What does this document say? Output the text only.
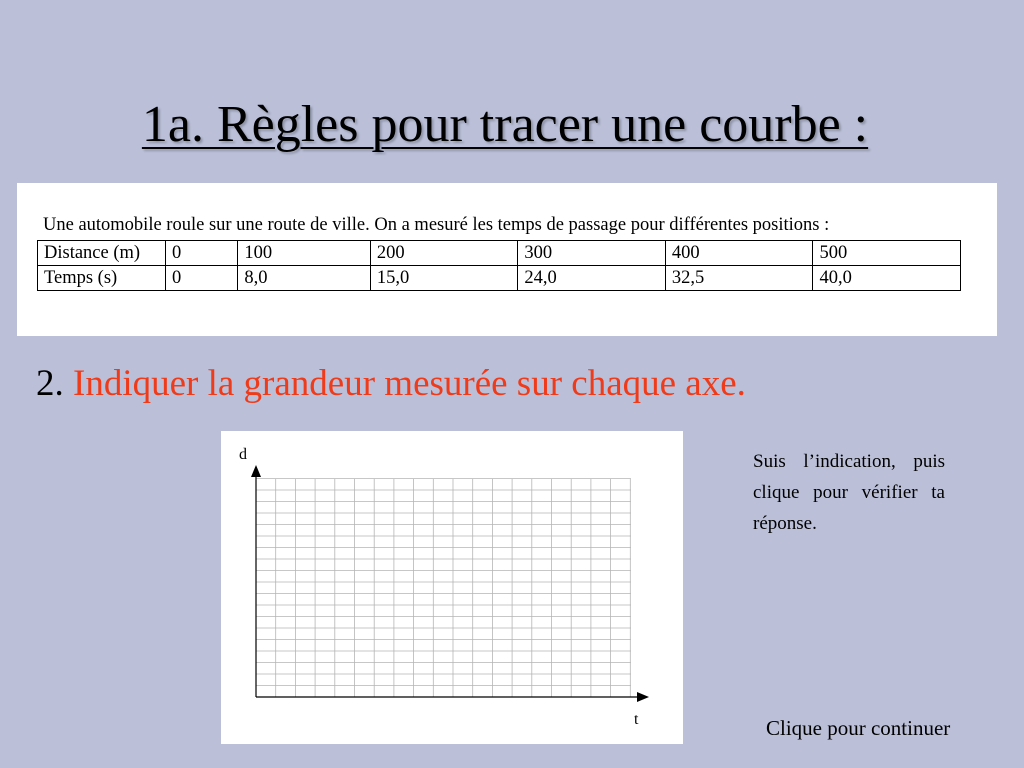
1a. Règles pour tracer une courbe :
Une automobile roule sur une route de ville. On a mesuré les temps de passage pour différentes positions :
Distance (m)	0	100	200	300	400	500
Temps (s)	0	8,0	15,0	24,0	32,5	40,0
2. Indiquer la grandeur mesurée sur chaque axe.
d
t
Suis l’indication, puis clique pour vérifier ta réponse.
Clique pour continuer
